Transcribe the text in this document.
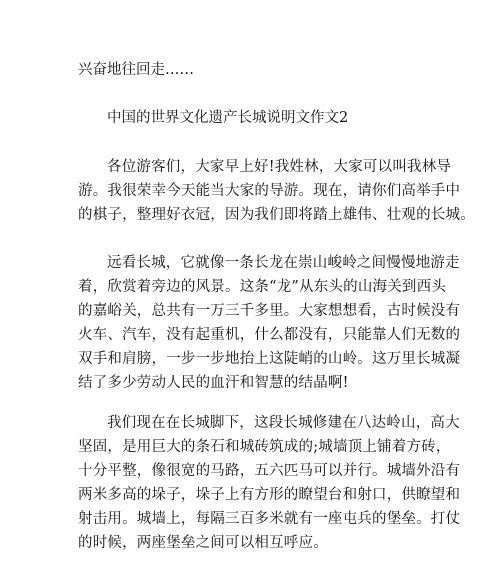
兴奋地往回走……
中国的世界文化遗产长城说明文作文2
各位游客们，大家早上好!我姓林，大家可以叫我林导
游。我很荣幸今天能当大家的导游。现在，请你们高举手中
的棋子，整理好衣冠，因为我们即将踏上雄伟、壮观的长城。
远看长城，它就像一条长龙在崇山峻岭之间慢慢地游走
着，欣赏着旁边的风景。这条“龙”从东头的山海关到西头
的嘉峪关，总共有一万三千多里。大家想想看，古时候没有
火车、汽车，没有起重机，什么都没有，只能靠人们无数的
双手和肩膀，一步一步地抬上这陡峭的山岭。这万里长城凝
结了多少劳动人民的血汗和智慧的结晶啊!
我们现在在长城脚下，这段长城修建在八达岭山，高大
坚固，是用巨大的条石和城砖筑成的;城墙顶上铺着方砖，
十分平整，像很宽的马路，五六匹马可以并行。城墙外沿有
两米多高的垛子，垛子上有方形的瞭望台和射口，供瞭望和
射击用。城墙上，每隔三百多米就有一座屯兵的堡垒。打仗
的时候，两座堡垒之间可以相互呼应。
